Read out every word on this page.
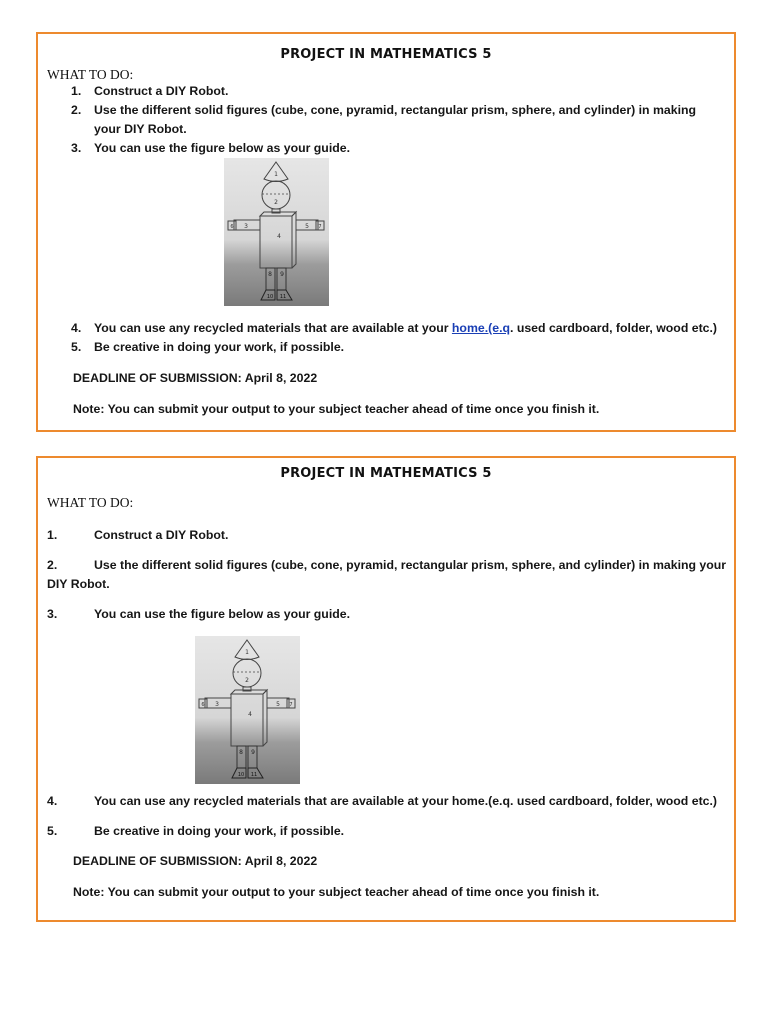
PROJECT IN MATHEMATICS 5
WHAT TO DO:
1.	Construct a DIY Robot.
2.	Use the different solid figures (cube, cone, pyramid, rectangular prism, sphere, and cylinder) in making your DIY Robot.
3.	You can use the figure below as your guide.
1
2
3
4
5
6	7
8 9
10 11
4.	You can use any recycled materials that are available at your home.(e.q. used cardboard, folder, wood etc.)
5.	Be creative in doing your work, if possible.
DEADLINE OF SUBMISSION: April 8, 2022
Note: You can submit your output to your subject teacher ahead of time once you finish it.
PROJECT IN MATHEMATICS 5
WHAT TO DO:
1.	Construct a DIY Robot.
2.	Use the different solid figures (cube, cone, pyramid, rectangular prism, sphere, and cylinder) in making your
DIY Robot.
3.	You can use the figure below as your guide.
1
2
3
4
5
6	7
8 9
10 11
4.	You can use any recycled materials that are available at your home.(e.q. used cardboard, folder, wood etc.)
5.	Be creative in doing your work, if possible.
DEADLINE OF SUBMISSION: April 8, 2022
Note: You can submit your output to your subject teacher ahead of time once you finish it.
